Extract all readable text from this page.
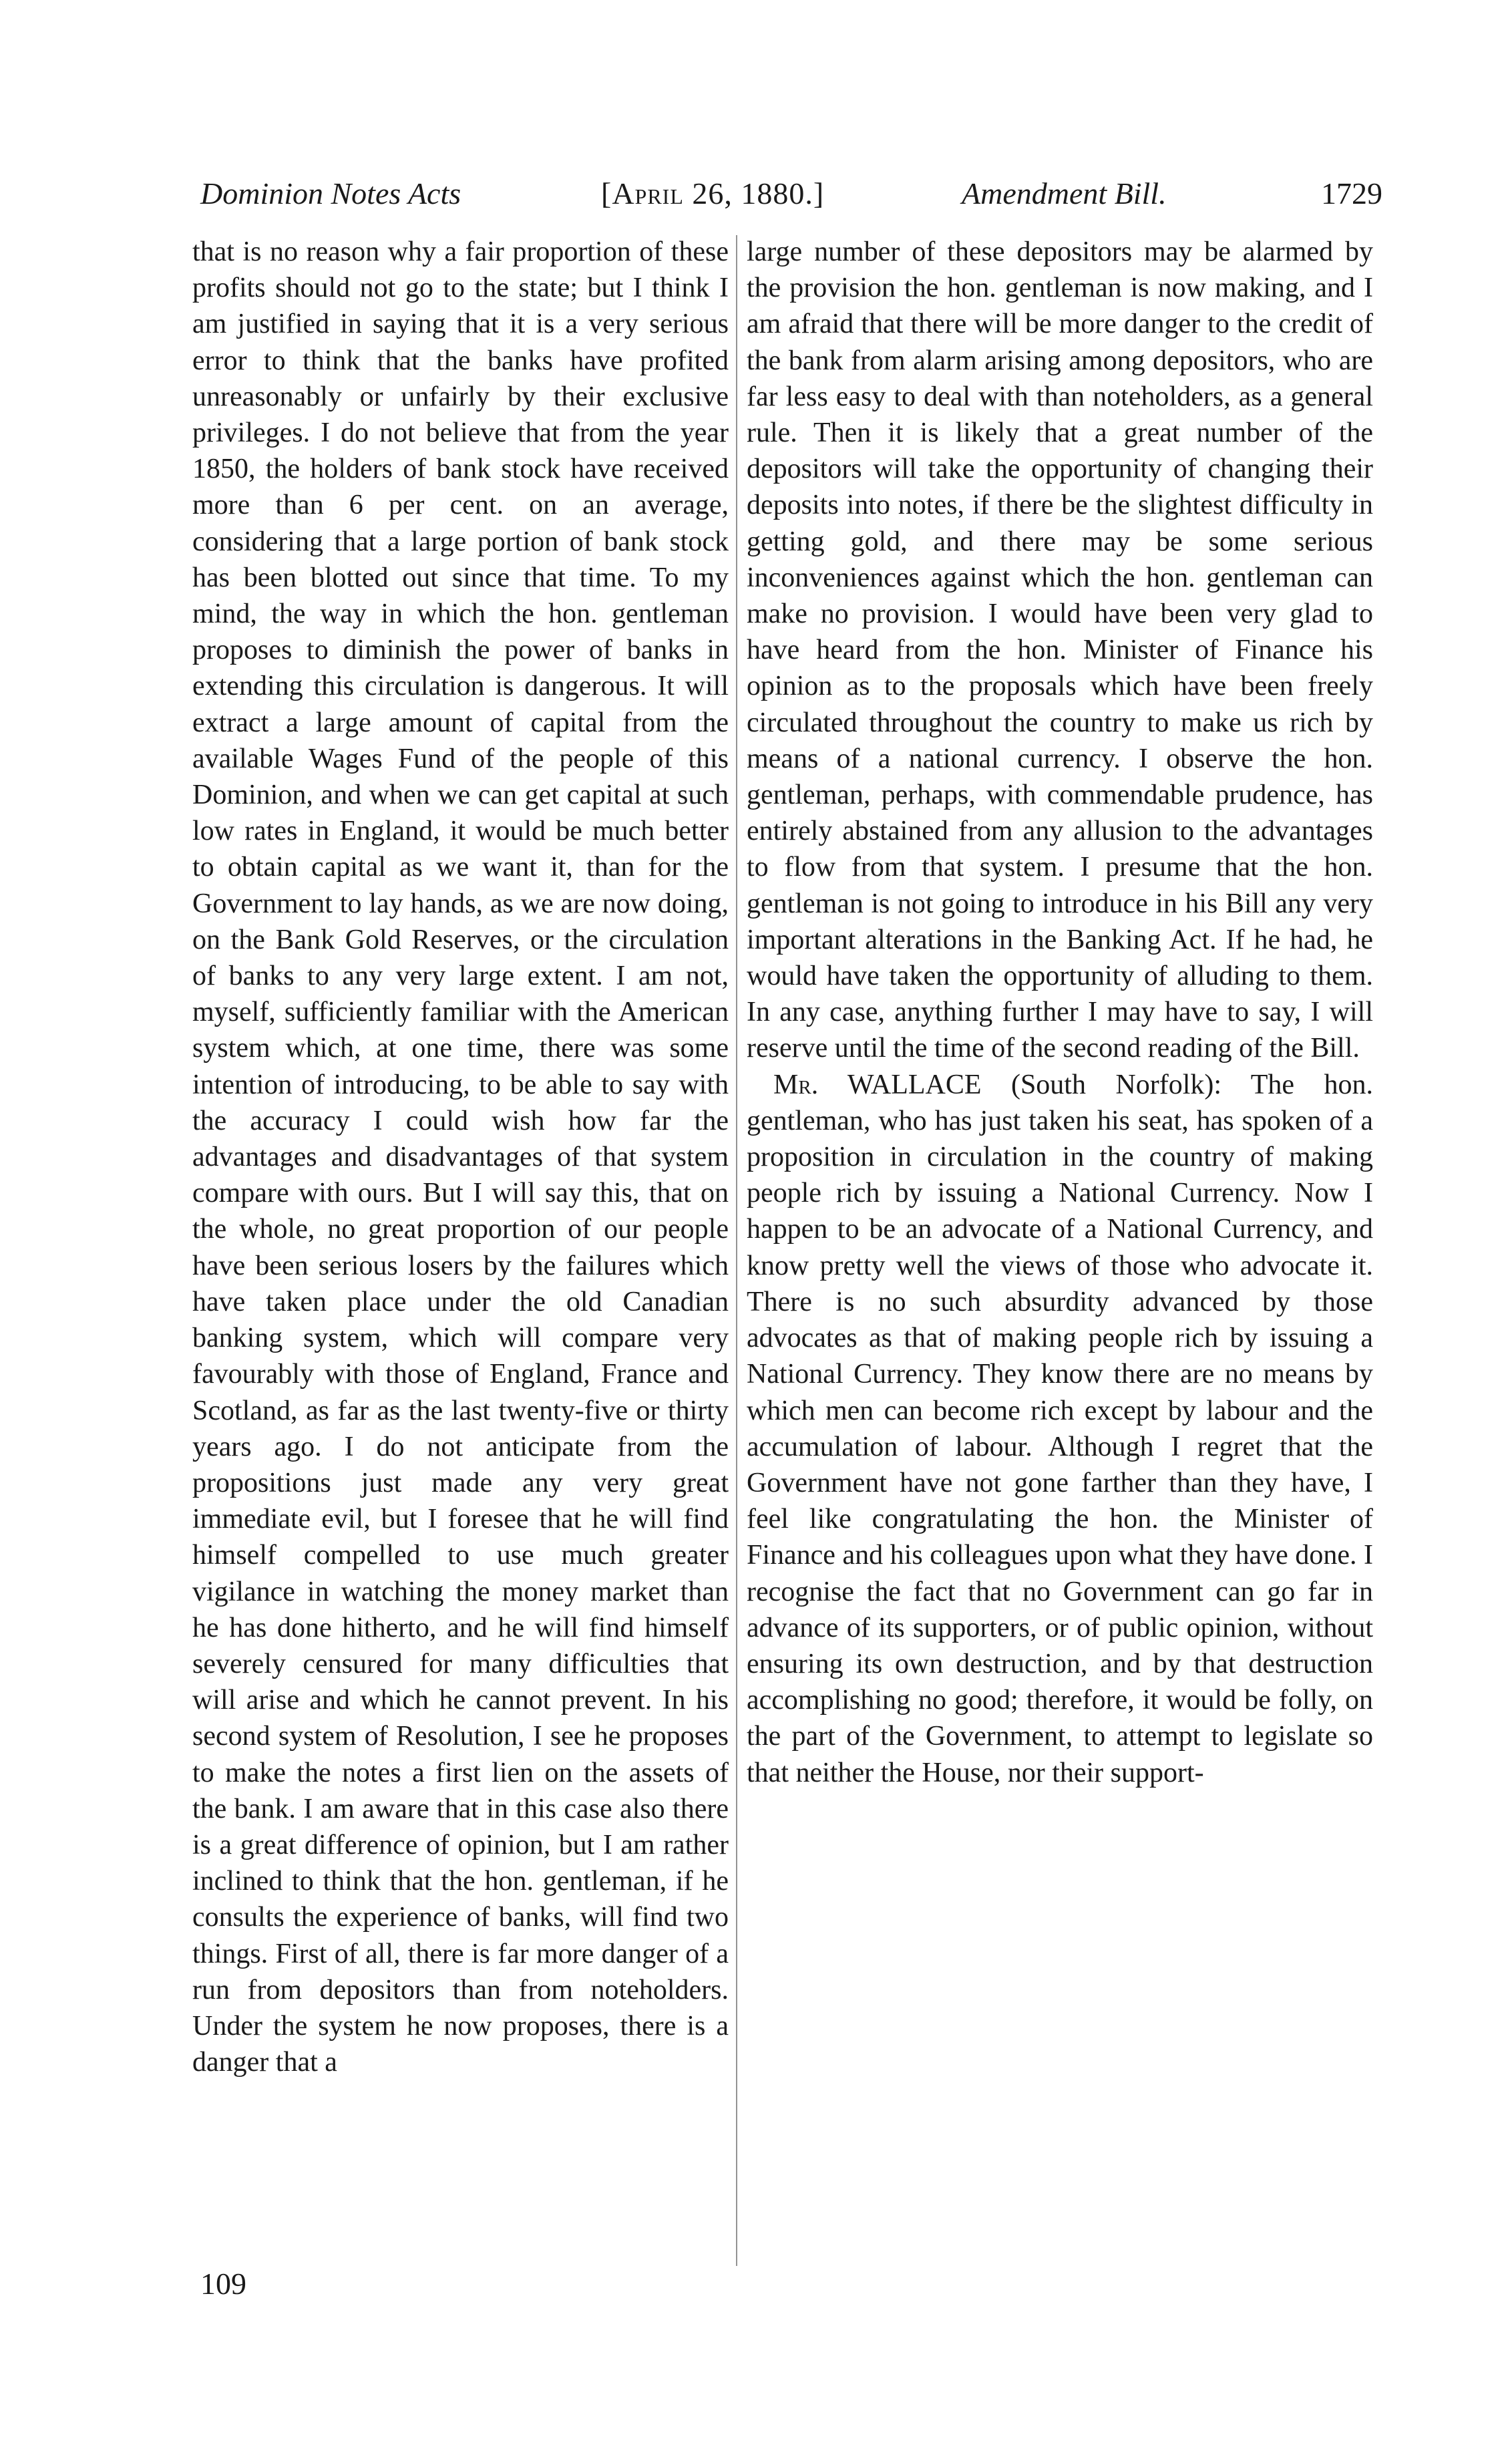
Dominion Notes Acts	[April 26, 1880.]	Amendment Bill.	1729

that is no reason why a fair proportion of these profits should not go to the state; but I think I am justified in saying that it is a very serious error to think that the banks have profited unreasonably or unfairly by their exclusive privileges. I do not believe that from the year 1850, the holders of bank stock have received more than 6 per cent. on an average, considering that a large portion of bank stock has been blotted out since that time. To my mind, the way in which the hon. gentleman proposes to diminish the power of banks in extending this circulation is dangerous. It will extract a large amount of capital from the available Wages Fund of the people of this Dominion, and when we can get capital at such low rates in England, it would be much better to obtain capital as we want it, than for the Government to lay hands, as we are now doing, on the Bank Gold Reserves, or the circulation of banks to any very large extent. I am not, myself, sufficiently familiar with the American system which, at one time, there was some intention of introducing, to be able to say with the accuracy I could wish how far the advantages and disadvantages of that system compare with ours. But I will say this, that on the whole, no great proportion of our people have been serious losers by the failures which have taken place under the old Canadian banking system, which will compare very favourably with those of England, France and Scotland, as far as the last twenty-five or thirty years ago. I do not anticipate from the propositions just made any very great immediate evil, but I foresee that he will find himself compelled to use much greater vigilance in watching the money market than he has done hitherto, and he will find himself severely censured for many difficulties that will arise and which he cannot prevent. In his second system of Resolution, I see he proposes to make the notes a first lien on the assets of the bank. I am aware that in this case also there is a great difference of opinion, but I am rather inclined to think that the hon. gentleman, if he consults the experience of banks, will find two things. First of all, there is far more danger of a run from depositors than from noteholders. Under the system he now proposes, there is a danger that a

large number of these depositors may be alarmed by the provision the hon. gentleman is now making, and I am afraid that there will be more danger to the credit of the bank from alarm arising among depositors, who are far less easy to deal with than noteholders, as a general rule. Then it is likely that a great number of the depositors will take the opportunity of changing their deposits into notes, if there be the slightest difficulty in getting gold, and there may be some serious inconveniences against which the hon. gentleman can make no provision. I would have been very glad to have heard from the hon. Minister of Finance his opinion as to the proposals which have been freely circulated throughout the country to make us rich by means of a national currency. I observe the hon. gentleman, perhaps, with commendable prudence, has entirely abstained from any allusion to the advantages to flow from that system. I presume that the hon. gentleman is not going to introduce in his Bill any very important alterations in the Banking Act. If he had, he would have taken the opportunity of alluding to them. In any case, anything further I may have to say, I will reserve until the time of the second reading of the Bill.

Mr. WALLACE (South Norfolk): The hon. gentleman, who has just taken his seat, has spoken of a proposition in circulation in the country of making people rich by issuing a National Currency. Now I happen to be an advocate of a National Currency, and know pretty well the views of those who advocate it. There is no such absurdity advanced by those advocates as that of making people rich by issuing a National Currency. They know there are no means by which men can become rich except by labour and the accumulation of labour. Although I regret that the Government have not gone farther than they have, I feel like congratulating the hon. the Minister of Finance and his colleagues upon what they have done. I recognise the fact that no Government can go far in advance of its supporters, or of public opinion, without ensuring its own destruction, and by that destruction accomplishing no good; therefore, it would be folly, on the part of the Government, to attempt to legislate so that neither the House, nor their support-

109
